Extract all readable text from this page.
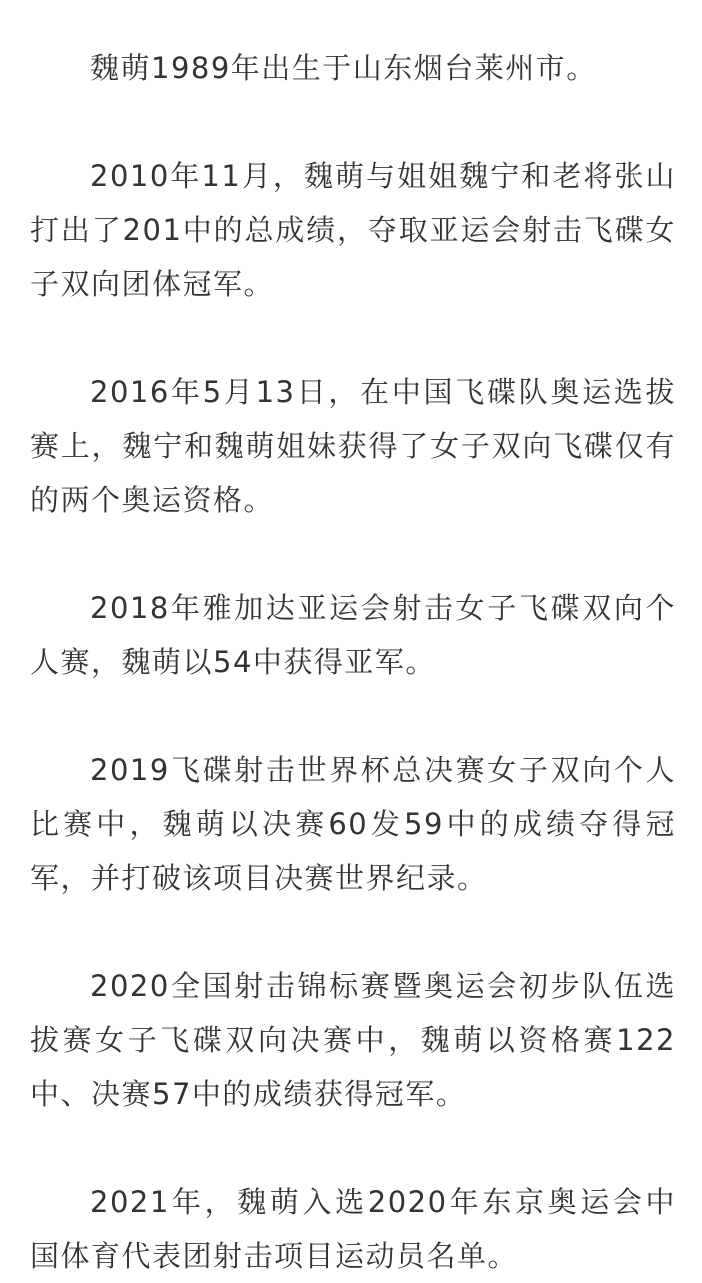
魏萌1989年出生于山东烟台莱州市。

2010年11月，魏萌与姐姐魏宁和老将张山打出了201中的总成绩，夺取亚运会射击飞碟女子双向团体冠军。

2016年5月13日，在中国飞碟队奥运选拔赛上，魏宁和魏萌姐妹获得了女子双向飞碟仅有的两个奥运资格。

2018年雅加达亚运会射击女子飞碟双向个人赛，魏萌以54中获得亚军。

2019飞碟射击世界杯总决赛女子双向个人比赛中，魏萌以决赛60发59中的成绩夺得冠军，并打破该项目决赛世界纪录。

2020全国射击锦标赛暨奥运会初步队伍选拔赛女子飞碟双向决赛中，魏萌以资格赛122中、决赛57中的成绩获得冠军。

2021年，魏萌入选2020年东京奥运会中国体育代表团射击项目运动员名单。
